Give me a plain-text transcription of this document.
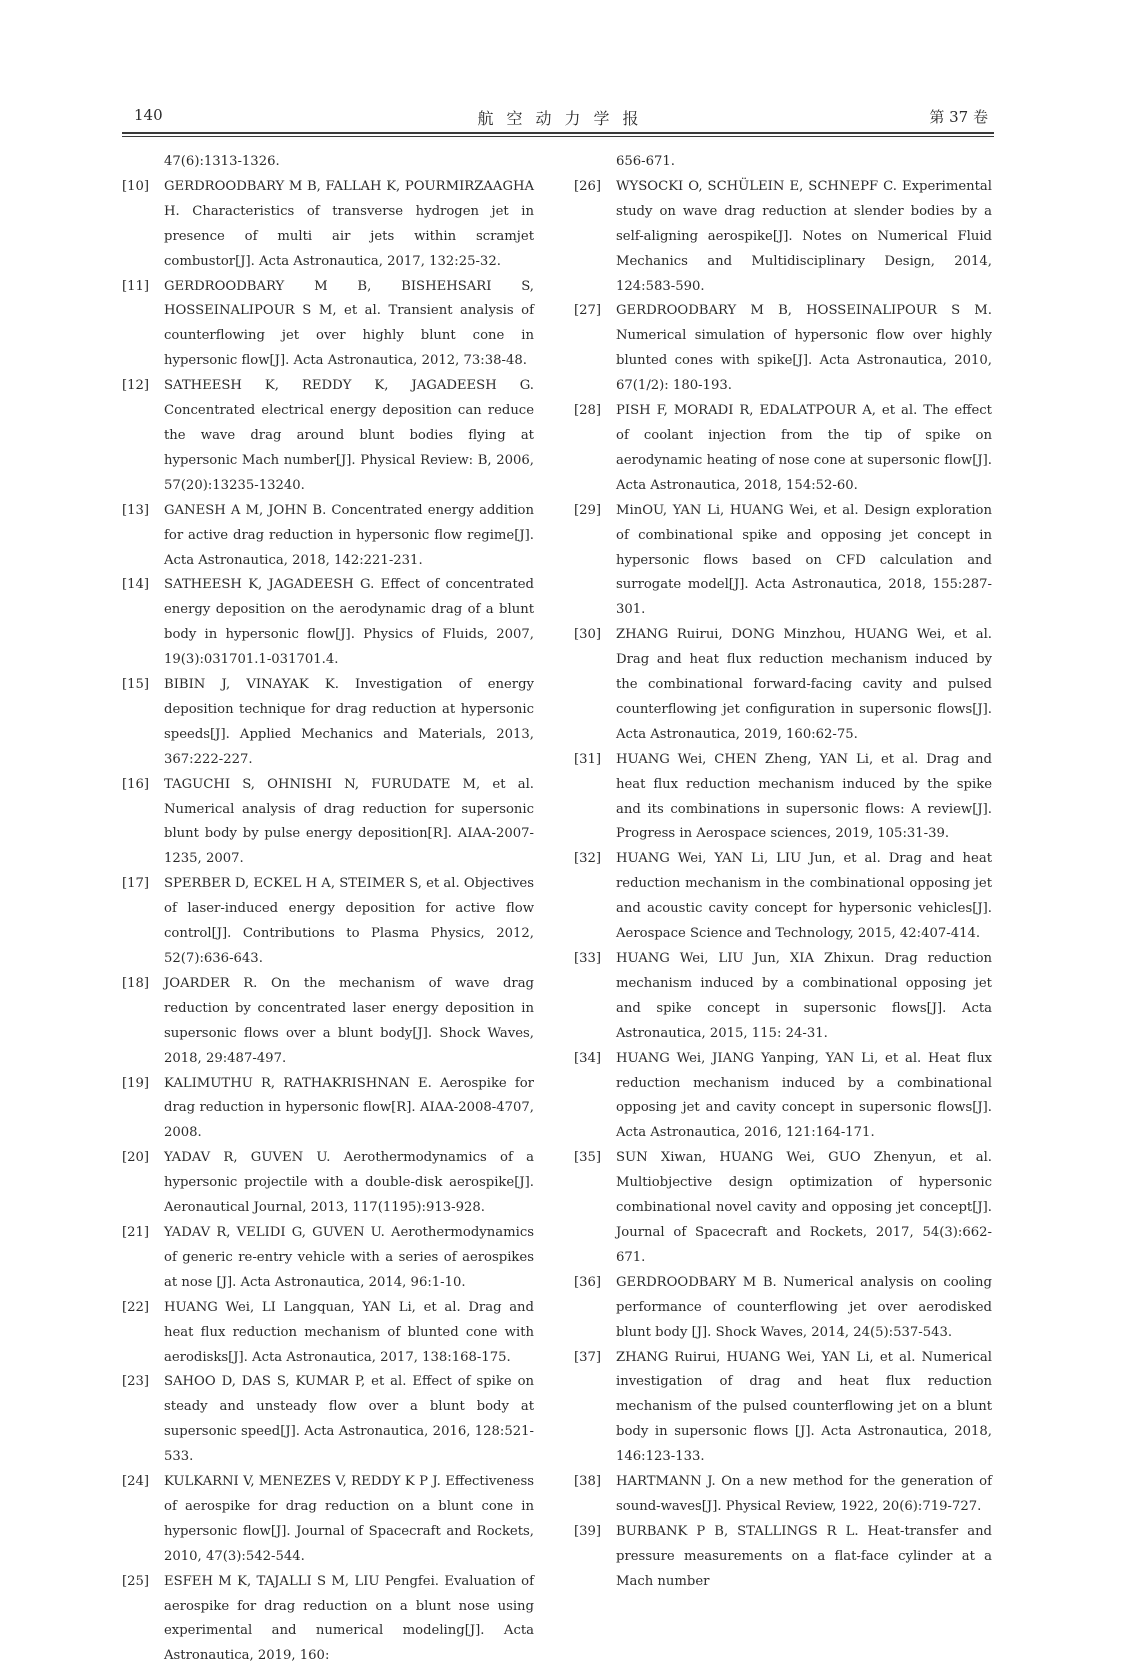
140	航空动力学报	第 37 卷
47(6):1313-1326.
[10] GERDROODBARY M B, FALLAH K, POURMIRZAAGHA H. Characteristics of transverse hydrogen jet in presence of multi air jets within scramjet combustor[J]. Acta Astronautica, 2017, 132:25-32.
[11] GERDROODBARY M B, BISHEHSARI S, HOSSEINALIPOUR S M, et al. Transient analysis of counterflowing jet over highly blunt cone in hypersonic flow[J]. Acta Astronautica, 2012, 73:38-48.
[12] SATHEESH K, REDDY K, JAGADEESH G. Concentrated electrical energy deposition can reduce the wave drag around blunt bodies flying at hypersonic Mach number[J]. Physical Review: B, 2006, 57(20):13235-13240.
[13] GANESH A M, JOHN B. Concentrated energy addition for active drag reduction in hypersonic flow regime[J]. Acta Astronautica, 2018, 142:221-231.
[14] SATHEESH K, JAGADEESH G. Effect of concentrated energy deposition on the aerodynamic drag of a blunt body in hypersonic flow[J]. Physics of Fluids, 2007, 19(3):031701.1-031701.4.
[15] BIBIN J, VINAYAK K. Investigation of energy deposition technique for drag reduction at hypersonic speeds[J]. Applied Mechanics and Materials, 2013, 367:222-227.
[16] TAGUCHI S, OHNISHI N, FURUDATE M, et al. Numerical analysis of drag reduction for supersonic blunt body by pulse energy deposition[R]. AIAA-2007-1235, 2007.
[17] SPERBER D, ECKEL H A, STEIMER S, et al. Objectives of laser-induced energy deposition for active flow control[J]. Contributions to Plasma Physics, 2012, 52(7):636-643.
[18] JOARDER R. On the mechanism of wave drag reduction by concentrated laser energy deposition in supersonic flows over a blunt body[J]. Shock Waves, 2018, 29:487-497.
[19] KALIMUTHU R, RATHAKRISHNAN E. Aerospike for drag reduction in hypersonic flow[R]. AIAA-2008-4707, 2008.
[20] YADAV R, GUVEN U. Aerothermodynamics of a hypersonic projectile with a double-disk aerospike[J]. Aeronautical Journal, 2013, 117(1195):913-928.
[21] YADAV R, VELIDI G, GUVEN U. Aerothermodynamics of generic re-entry vehicle with a series of aerospikes at nose [J]. Acta Astronautica, 2014, 96:1-10.
[22] HUANG Wei, LI Langquan, YAN Li, et al. Drag and heat flux reduction mechanism of blunted cone with aerodisks[J]. Acta Astronautica, 2017, 138:168-175.
[23] SAHOO D, DAS S, KUMAR P, et al. Effect of spike on steady and unsteady flow over a blunt body at supersonic speed[J]. Acta Astronautica, 2016, 128:521-533.
[24] KULKARNI V, MENEZES V, REDDY K P J. Effectiveness of aerospike for drag reduction on a blunt cone in hypersonic flow[J]. Journal of Spacecraft and Rockets, 2010, 47(3):542-544.
[25] ESFEH M K, TAJALLI S M, LIU Pengfei. Evaluation of aerospike for drag reduction on a blunt nose using experimental and numerical modeling[J]. Acta Astronautica, 2019, 160:
656-671.
[26] WYSOCKI O, SCHÜLEIN E, SCHNEPF C. Experimental study on wave drag reduction at slender bodies by a self-aligning aerospike[J]. Notes on Numerical Fluid Mechanics and Multidisciplinary Design, 2014, 124:583-590.
[27] GERDROODBARY M B, HOSSEINALIPOUR S M. Numerical simulation of hypersonic flow over highly blunted cones with spike[J]. Acta Astronautica, 2010, 67(1/2): 180-193.
[28] PISH F, MORADI R, EDALATPOUR A, et al. The effect of coolant injection from the tip of spike on aerodynamic heating of nose cone at supersonic flow[J]. Acta Astronautica, 2018, 154:52-60.
[29] MinOU, YAN Li, HUANG Wei, et al. Design exploration of combinational spike and opposing jet concept in hypersonic flows based on CFD calculation and surrogate model[J]. Acta Astronautica, 2018, 155:287-301.
[30] ZHANG Ruirui, DONG Minzhou, HUANG Wei, et al. Drag and heat flux reduction mechanism induced by the combinational forward-facing cavity and pulsed counterflowing jet configuration in supersonic flows[J]. Acta Astronautica, 2019, 160:62-75.
[31] HUANG Wei, CHEN Zheng, YAN Li, et al. Drag and heat flux reduction mechanism induced by the spike and its combinations in supersonic flows: A review[J]. Progress in Aerospace sciences, 2019, 105:31-39.
[32] HUANG Wei, YAN Li, LIU Jun, et al. Drag and heat reduction mechanism in the combinational opposing jet and acoustic cavity concept for hypersonic vehicles[J]. Aerospace Science and Technology, 2015, 42:407-414.
[33] HUANG Wei, LIU Jun, XIA Zhixun. Drag reduction mechanism induced by a combinational opposing jet and spike concept in supersonic flows[J]. Acta Astronautica, 2015, 115: 24-31.
[34] HUANG Wei, JIANG Yanping, YAN Li, et al. Heat flux reduction mechanism induced by a combinational opposing jet and cavity concept in supersonic flows[J]. Acta Astronautica, 2016, 121:164-171.
[35] SUN Xiwan, HUANG Wei, GUO Zhenyun, et al. Multiobjective design optimization of hypersonic combinational novel cavity and opposing jet concept[J]. Journal of Spacecraft and Rockets, 2017, 54(3):662-671.
[36] GERDROODBARY M B. Numerical analysis on cooling performance of counterflowing jet over aerodisked blunt body [J]. Shock Waves, 2014, 24(5):537-543.
[37] ZHANG Ruirui, HUANG Wei, YAN Li, et al. Numerical investigation of drag and heat flux reduction mechanism of the pulsed counterflowing jet on a blunt body in supersonic flows [J]. Acta Astronautica, 2018, 146:123-133.
[38] HARTMANN J. On a new method for the generation of sound-waves[J]. Physical Review, 1922, 20(6):719-727.
[39] BURBANK P B, STALLINGS R L. Heat-transfer and pressure measurements on a flat-face cylinder at a Mach number
